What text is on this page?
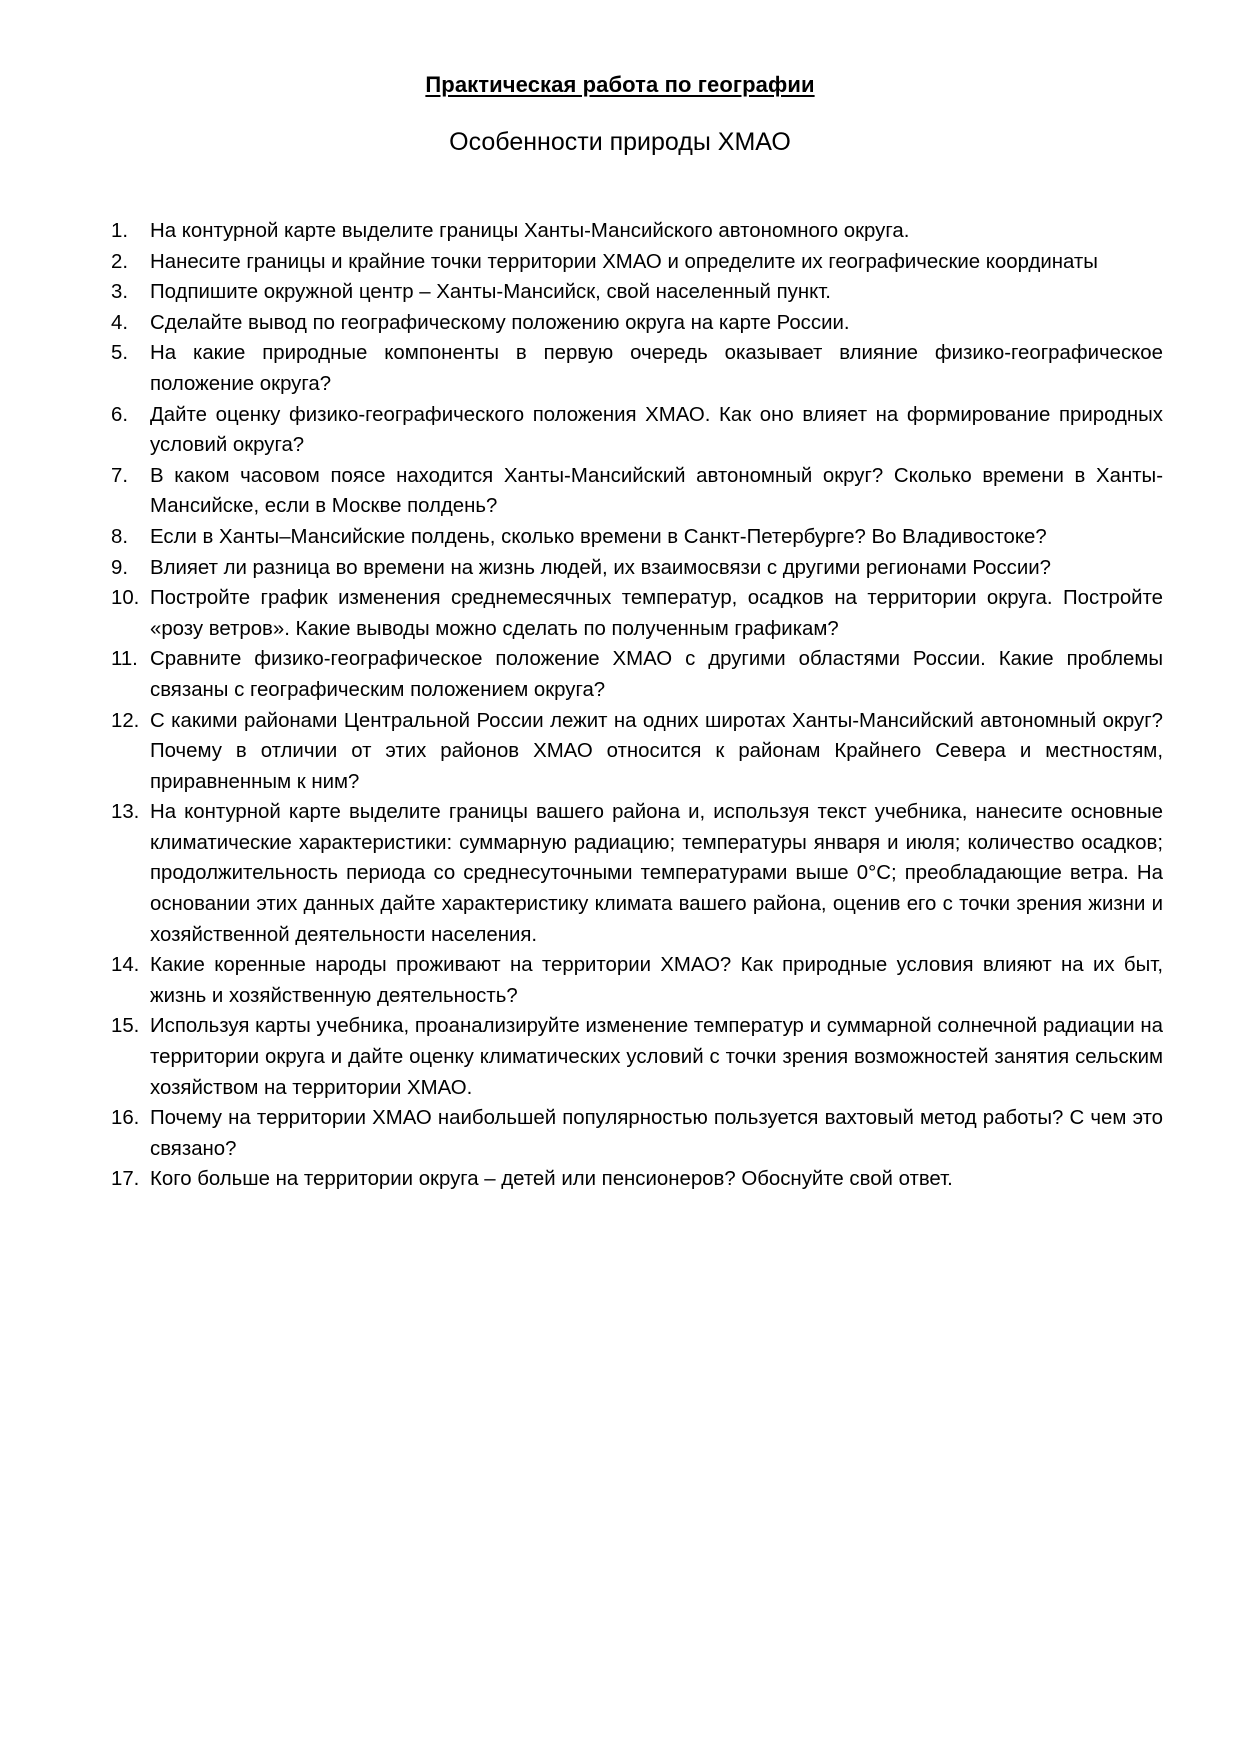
Практическая работа по географии
Особенности природы ХМАО
1.	На контурной карте выделите границы Ханты-Мансийского автономного округа.
2.	Нанесите границы и крайние точки территории ХМАО и определите их географические координаты
3.	Подпишите окружной центр – Ханты-Мансийск, свой населенный пункт.
4.	Сделайте вывод по географическому положению округа на карте России.
5.	На какие природные компоненты в первую очередь оказывает влияние физико-географическое положение округа?
6.	Дайте оценку физико-географического положения ХМАО. Как оно влияет на формирование природных условий округа?
7.	В каком часовом поясе находится Ханты-Мансийский автономный округ? Сколько времени в Ханты-Мансийске, если в Москве полдень?
8.	Если в Ханты–Мансийские полдень, сколько времени в Санкт-Петербурге? Во Владивостоке?
9.	Влияет ли разница во времени на жизнь людей, их взаимосвязи с другими регионами России?
10. Постройте график изменения среднемесячных температур, осадков на территории округа. Постройте «розу ветров». Какие выводы можно сделать по полученным графикам?
11. Сравните физико-географическое положение ХМАО с другими областями России. Какие проблемы связаны с географическим положением округа?
12. С какими районами Центральной России лежит на одних широтах Ханты-Мансийский автономный округ? Почему в отличии от этих районов ХМАО относится к районам Крайнего Севера и местностям, приравненным к ним?
13. На контурной карте выделите границы вашего района и, используя текст учебника, нанесите основные климатические характеристики: суммарную радиацию; температуры января и июля; количество осадков; продолжительность периода со среднесуточными температурами выше 0°С; преобладающие ветра. На основании этих данных дайте характеристику климата вашего района, оценив его с точки зрения жизни и хозяйственной деятельности населения.
14. Какие коренные народы проживают на территории ХМАО? Как природные условия влияют на их быт, жизнь и хозяйственную деятельность?
15. Используя карты учебника, проанализируйте изменение температур и суммарной солнечной радиации на территории округа и дайте оценку климатических условий с точки зрения возможностей занятия сельским хозяйством на территории ХМАО.
16. Почему на территории ХМАО наибольшей популярностью пользуется вахтовый метод работы? С чем это связано?
17. Кого больше на территории округа – детей или пенсионеров? Обоснуйте свой ответ.
